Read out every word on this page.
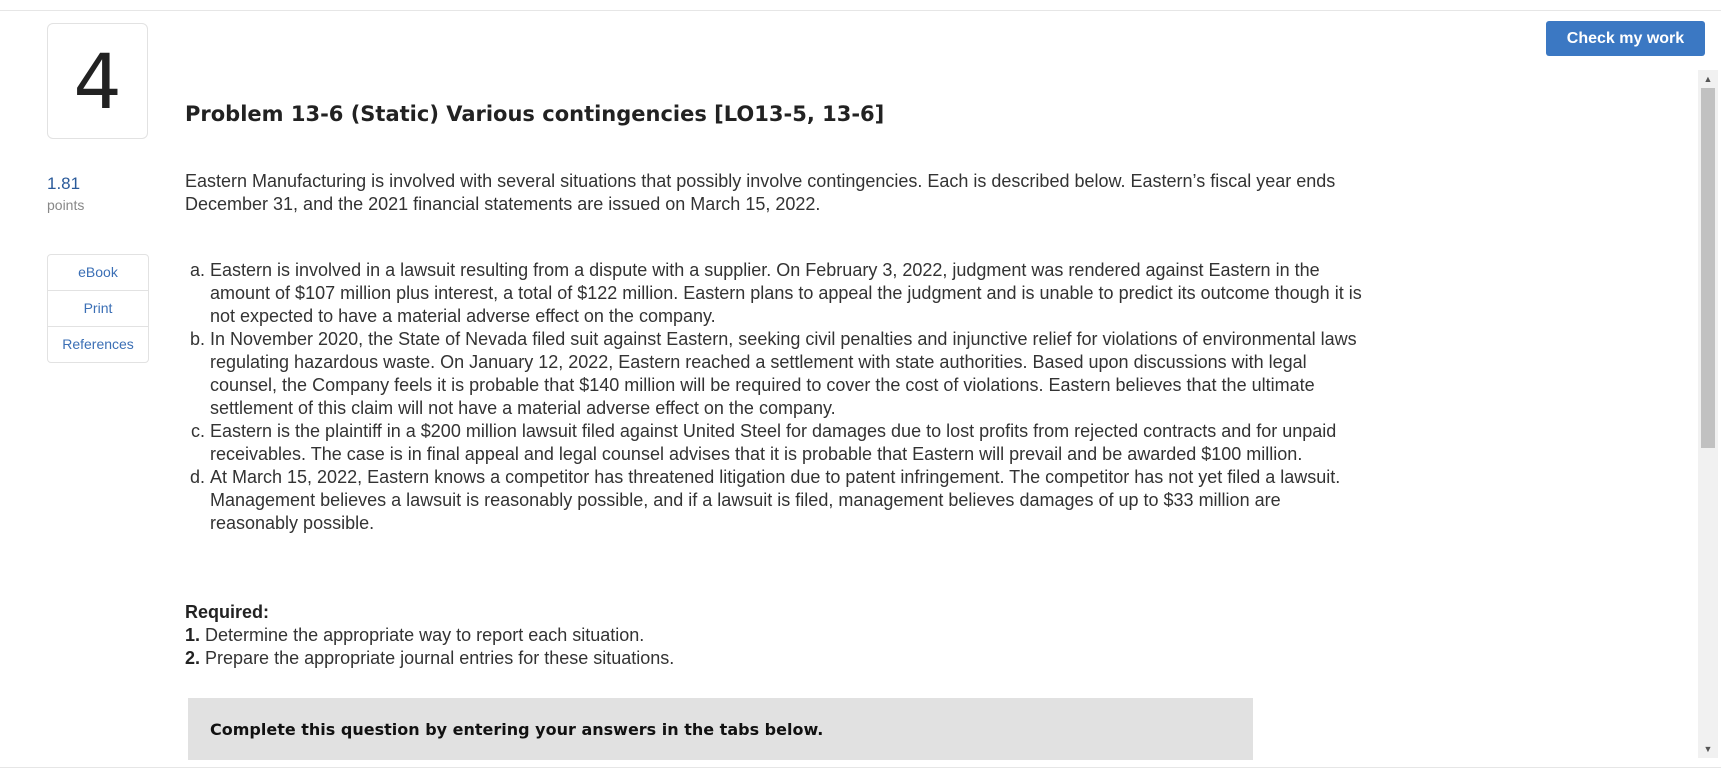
Check my work
4
1.81
points
eBook
Print
References
Problem 13-6 (Static) Various contingencies [LO13-5, 13-6]

Eastern Manufacturing is involved with several situations that possibly involve contingencies. Each is described below. Eastern’s fiscal year ends December 31, and the 2021 financial statements are issued on March 15, 2022.

a. Eastern is involved in a lawsuit resulting from a dispute with a supplier. On February 3, 2022, judgment was rendered against Eastern in the amount of $107 million plus interest, a total of $122 million. Eastern plans to appeal the judgment and is unable to predict its outcome though it is not expected to have a material adverse effect on the company.
b. In November 2020, the State of Nevada filed suit against Eastern, seeking civil penalties and injunctive relief for violations of environmental laws regulating hazardous waste. On January 12, 2022, Eastern reached a settlement with state authorities. Based upon discussions with legal counsel, the Company feels it is probable that $140 million will be required to cover the cost of violations. Eastern believes that the ultimate settlement of this claim will not have a material adverse effect on the company.
c. Eastern is the plaintiff in a $200 million lawsuit filed against United Steel for damages due to lost profits from rejected contracts and for unpaid receivables. The case is in final appeal and legal counsel advises that it is probable that Eastern will prevail and be awarded $100 million.
d. At March 15, 2022, Eastern knows a competitor has threatened litigation due to patent infringement. The competitor has not yet filed a lawsuit. Management believes a lawsuit is reasonably possible, and if a lawsuit is filed, management believes damages of up to $33 million are reasonably possible.
Required:
1. Determine the appropriate way to report each situation.
2. Prepare the appropriate journal entries for these situations.
Complete this question by entering your answers in the tabs below.
▲
▼
